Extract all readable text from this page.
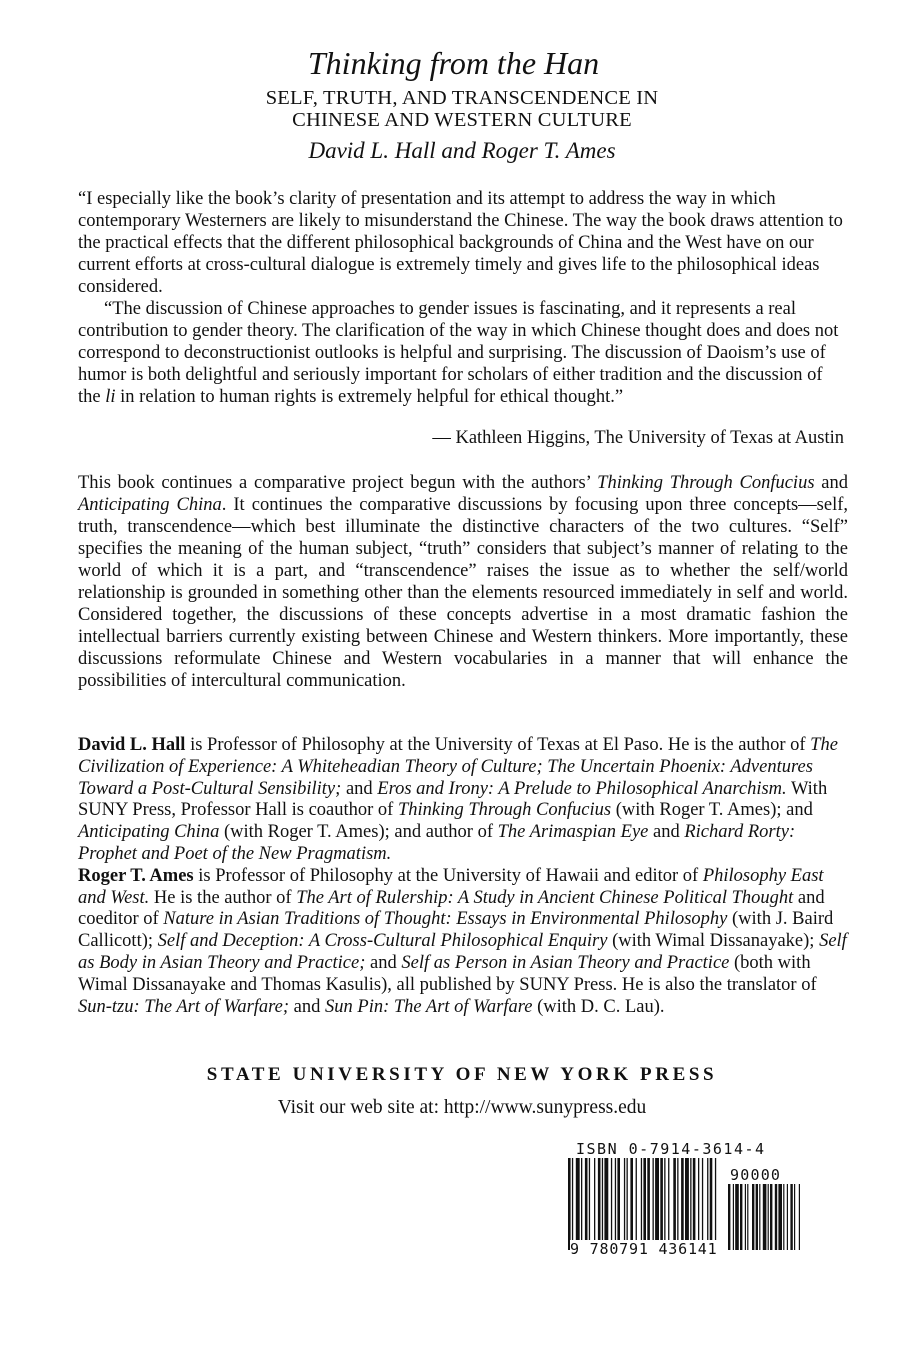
Thinking from the Han
SELF, TRUTH, AND TRANSCENDENCE IN
CHINESE AND WESTERN CULTURE
David L. Hall and Roger T. Ames

“I especially like the book’s clarity of presentation and its attempt to address the way in which contemporary Westerners are likely to misunderstand the Chinese. The way the book draws attention to the practical effects that the different philosophical backgrounds of China and the West have on our current efforts at cross-cultural dialogue is extremely timely and gives life to the philosophical ideas considered.

“The discussion of Chinese approaches to gender issues is fascinating, and it represents a real contribution to gender theory. The clarification of the way in which Chinese thought does and does not correspond to deconstructionist outlooks is helpful and surprising. The discussion of Daoism’s use of humor is both delightful and seriously important for scholars of either tradition and the discussion of the li in relation to human rights is extremely helpful for ethical thought.”

— Kathleen Higgins, The University of Texas at Austin

This book continues a comparative project begun with the authors’ Thinking Through Confucius and Anticipating China. It continues the comparative discussions by focusing upon three concepts—self, truth, transcendence—which best illuminate the distinctive characters of the two cultures. “Self” specifies the meaning of the human subject, “truth” considers that subject’s manner of relating to the world of which it is a part, and “transcendence” raises the issue as to whether the self/world relationship is grounded in something other than the elements resourced immediately in self and world. Considered together, the discussions of these concepts advertise in a most dramatic fashion the intellectual barriers currently existing between Chinese and Western thinkers. More importantly, these discussions reformulate Chinese and Western vocabularies in a manner that will enhance the possibilities of intercultural communication.

David L. Hall is Professor of Philosophy at the University of Texas at El Paso. He is the author of The Civilization of Experience: A Whiteheadian Theory of Culture; The Uncertain Phoenix: Adventures Toward a Post-Cultural Sensibility; and Eros and Irony: A Prelude to Philosophical Anarchism. With SUNY Press, Professor Hall is coauthor of Thinking Through Confucius (with Roger T. Ames); and Anticipating China (with Roger T. Ames); and author of The Arimaspian Eye and Richard Rorty: Prophet and Poet of the New Pragmatism.

Roger T. Ames is Professor of Philosophy at the University of Hawaii and editor of Philosophy East and West. He is the author of The Art of Rulership: A Study in Ancient Chinese Political Thought and coeditor of Nature in Asian Traditions of Thought: Essays in Environmental Philosophy (with J. Baird Callicott); Self and Deception: A Cross-Cultural Philosophical Enquiry (with Wimal Dissanayake); Self as Body in Asian Theory and Practice; and Self as Person in Asian Theory and Practice (both with Wimal Dissanayake and Thomas Kasulis), all published by SUNY Press. He is also the translator of Sun-tzu: The Art of Warfare; and Sun Pin: The Art of Warfare (with D. C. Lau).

STATE UNIVERSITY OF NEW YORK PRESS
Visit our web site at: http://www.sunypress.edu
ISBN 0-7914-3614-4
90000
9 780791 436141
